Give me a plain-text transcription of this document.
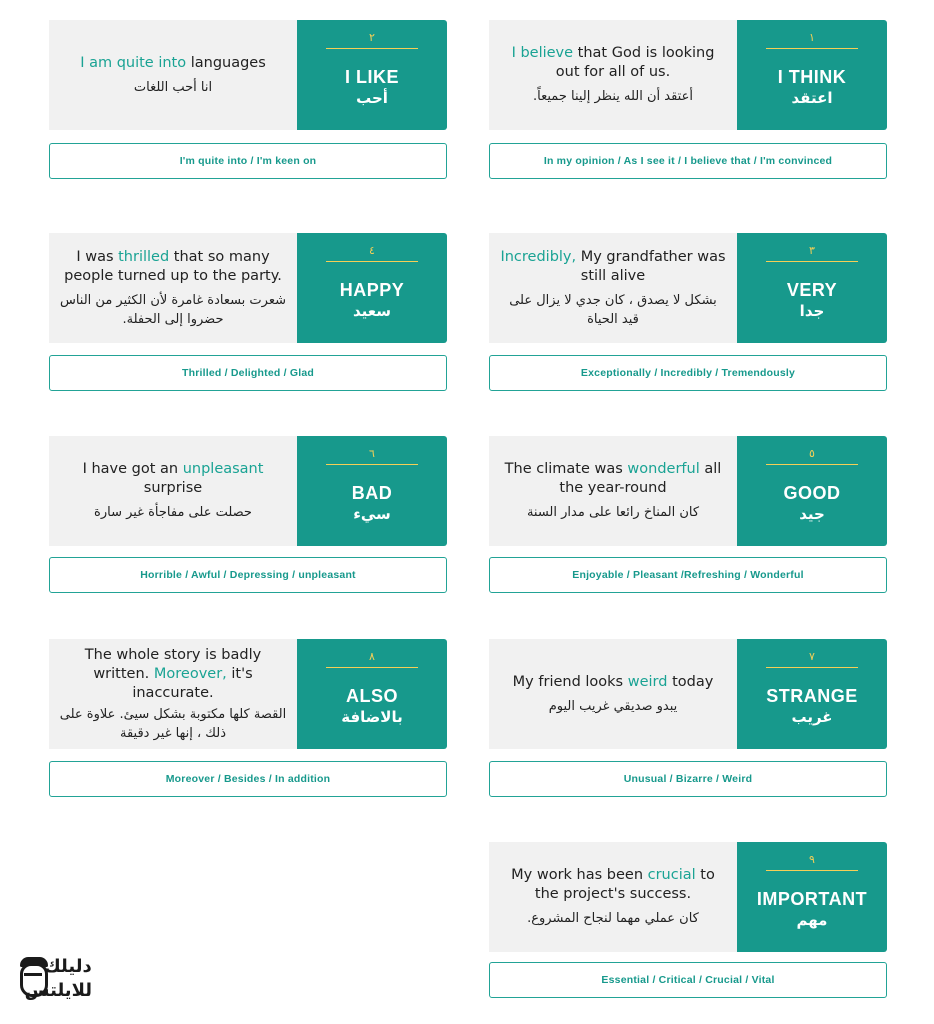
I believe that God is looking out for all of us.
أعتقد أن الله ينظر إلينا جميعاً.
١
I THINK
اعتقد
In my opinion / As I see it / I believe that / I'm convinced
I am quite into languages
انا أحب اللغات
٢
I LIKE
أحب
I'm quite into / I'm keen on
Incredibly, My grandfather was still alive
بشكل لا يصدق ، كان جدي لا يزال على قيد الحياة
٣
VERY
جدا
Exceptionally / Incredibly / Tremendously
I was thrilled that so many people turned up to the party.
شعرت بسعادة غامرة لأن الكثير من الناس حضروا إلى الحفلة.
٤
HAPPY
سعيد
Thrilled / Delighted / Glad
The climate was wonderful all the year-round
كان المناخ رائعا على مدار السنة
٥
GOOD
جيد
Enjoyable / Pleasant /Refreshing / Wonderful
I have got an unpleasant surprise
حصلت على مفاجأة غير سارة
٦
BAD
سيء
Horrible / Awful / Depressing / unpleasant
My friend looks weird today
يبدو صديقي غريب اليوم
٧
STRANGE
غريب
Unusual / Bizarre / Weird
The whole story is badly written. Moreover, it's inaccurate.
القصة كلها مكتوبة بشكل سيئ. علاوة على ذلك ، إنها غير دقيقة
٨
ALSO
بالاضافة
Moreover / Besides / In addition
My work has been crucial to the project's success.
كان عملي مهما لنجاح المشروع.
٩
IMPORTANT
مهم
Essential / Critical / Crucial / Vital
دليلك للايلتس
